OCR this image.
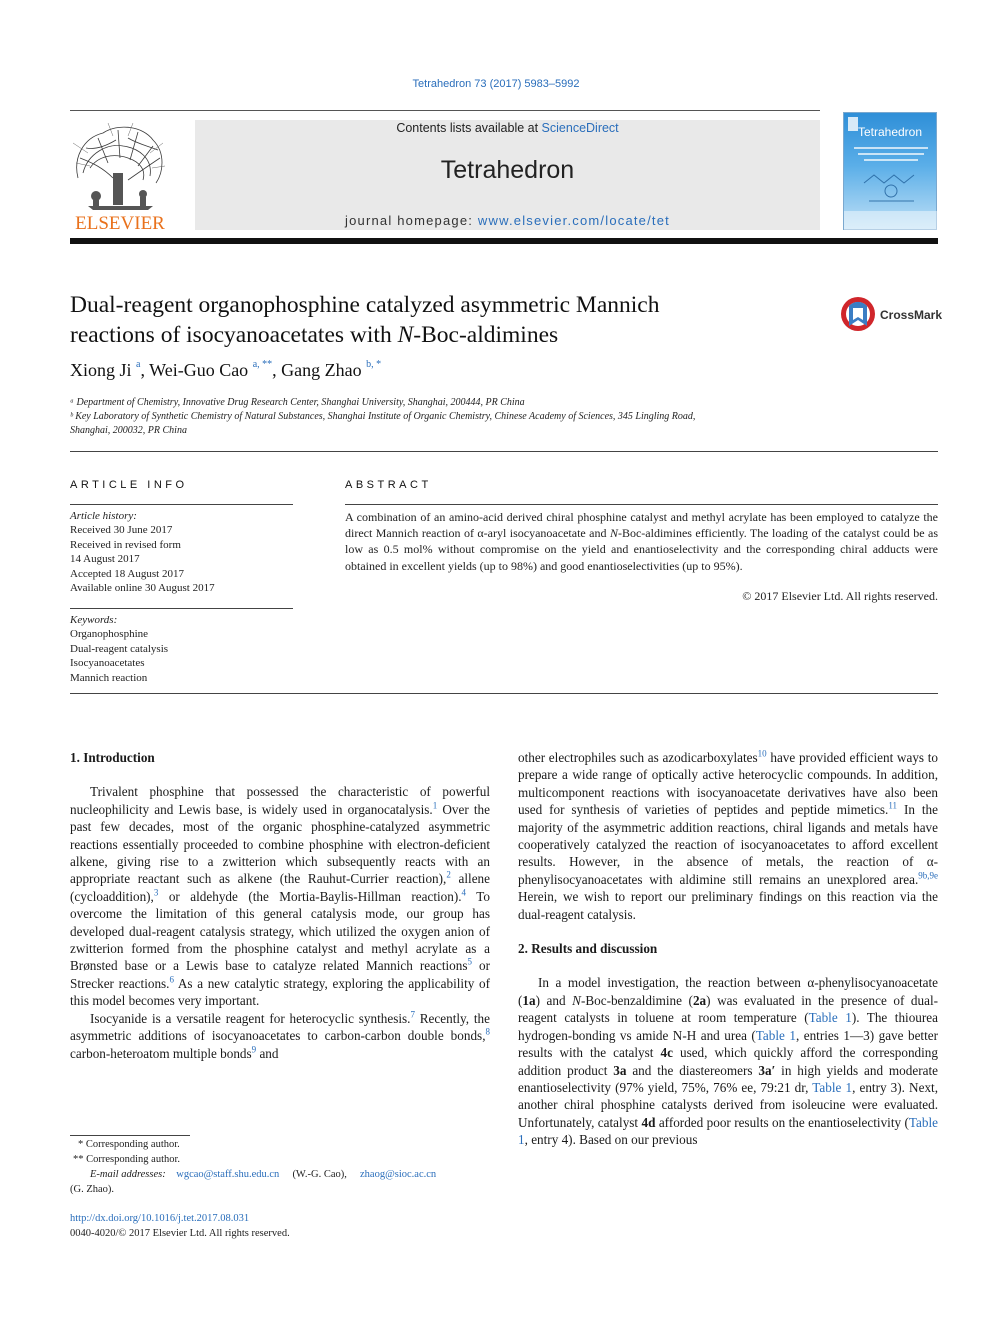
Tetrahedron 73 (2017) 5983–5992
ELSEVIER
Contents lists available at ScienceDirect
Tetrahedron
journal homepage: www.elsevier.com/locate/tet
Tetrahedron
Dual-reagent organophosphine catalyzed asymmetric Mannich
reactions of isocyanoacetates with N-Boc-aldimines
CrossMark
Xiong Ji $^a$, Wei-Guo Cao $^{a, **}$, Gang Zhao $^{b, *}$
ᵃ Department of Chemistry, Innovative Drug Research Center, Shanghai University, Shanghai, 200444, PR China
ᵇ Key Laboratory of Synthetic Chemistry of Natural Substances, Shanghai Institute of Organic Chemistry, Chinese Academy of Sciences, 345 Lingling Road,
Shanghai, 200032, PR China
ARTICLE INFO	ABSTRACT
Article history:
Received 30 June 2017
Received in revised form
14 August 2017
Accepted 18 August 2017
Available online 30 August 2017
Keywords:
Organophosphine
Dual-reagent catalysis
Isocyanoacetates
Mannich reaction
A combination of an amino-acid derived chiral phosphine catalyst and methyl acrylate has been employed to catalyze the direct Mannich reaction of α-aryl isocyanoacetate and N-Boc-aldimines efficiently. The loading of the catalyst could be as low as 0.5 mol% without compromise on the yield and enantioselectivity and the corresponding chiral adducts were obtained in excellent yields (up to 98%) and good enantioselectivities (up to 95%).
© 2017 Elsevier Ltd. All rights reserved.
1. Introduction

Trivalent phosphine that possessed the characteristic of powerful nucleophilicity and Lewis base, is widely used in organocatalysis.$^1$ Over the past few decades, most of the organic phosphine-catalyzed asymmetric reactions essentially proceeded to combine phosphine with electron-deficient alkene, giving rise to a zwitterion which subsequently reacts with an appropriate reactant such as alkene (the Rauhut-Currier reaction),$^2$ allene (cycloaddition),$^3$ or aldehyde (the Mortia-Baylis-Hillman reaction).$^4$ To overcome the limitation of this general catalysis mode, our group has developed dual-reagent catalysis strategy, which utilized the oxygen anion of zwitterion formed from the phosphine catalyst and methyl acrylate as a Brønsted base or a Lewis base to catalyze related Mannich reactions$^5$ or Strecker reactions.$^6$ As a new catalytic strategy, exploring the applicability of this model becomes very important.

Isocyanide is a versatile reagent for heterocyclic synthesis.$^7$ Recently, the asymmetric additions of isocyanoacetates to carbon-carbon double bonds,$^8$ carbon-heteroatom multiple bonds$^9$ and

other electrophiles such as azodicarboxylates$^{10}$ have provided efficient ways to prepare a wide range of optically active heterocyclic compounds. In addition, multicomponent reactions with isocyanoacetate derivatives have also been used for synthesis of varieties of peptides and peptide mimetics.$^{11}$ In the majority of the asymmetric addition reactions, chiral ligands and metals have cooperatively catalyzed the reaction of isocyanoacetates to afford excellent results. However, in the absence of metals, the reaction of α-phenylisocyanoacetates with aldimine still remains an unexplored area.$^{9b,9e}$ Herein, we wish to report our preliminary findings on this reaction via the dual-reagent catalysis.

2. Results and discussion

In a model investigation, the reaction between α-phenylisocyanoacetate (1a) and N-Boc-benzaldimine (2a) was evaluated in the presence of dual-reagent catalysts in toluene at room temperature (Table 1). The thiourea hydrogen-bonding vs amide N-H and urea (Table 1, entries 1—3) gave better results with the catalyst 4c used, which quickly afford the corresponding addition product 3a and the diastereomers 3a′ in high yields and moderate enantioselectivity (97% yield, 75%, 76% ee, 79:21 dr, Table 1, entry 3). Next, another chiral phosphine catalysts derived from isoleucine were evaluated. Unfortunately, catalyst 4d afforded poor results on the enantioselectivity (Table 1, entry 4). Based on our previous

* Corresponding author.
** Corresponding author.
E-mail addresses: wgcao@staff.shu.edu.cn     (W.-G. Cao),     zhaog@sioc.ac.cn
(G. Zhao).
http://dx.doi.org/10.1016/j.tet.2017.08.031
0040-4020/© 2017 Elsevier Ltd. All rights reserved.
